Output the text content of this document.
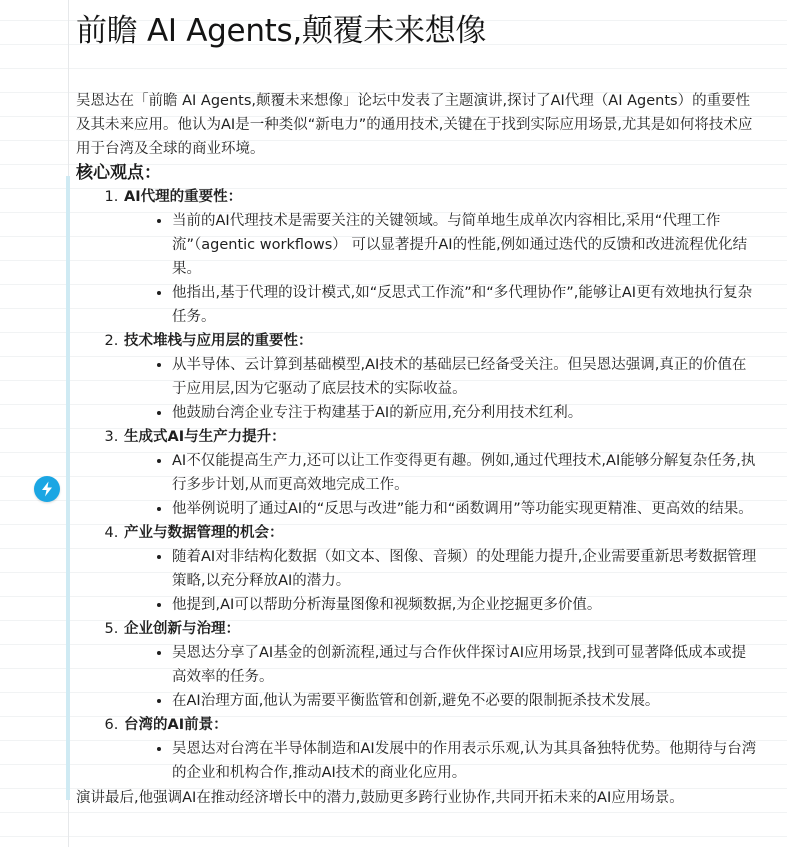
前瞻 AI Agents,颠覆未来想像

吴恩达在「前瞻 AI Agents,颠覆未来想像」论坛中发表了主题演讲,探讨了AI代理（AI Agents）的重要性及其未来应用。他认为AI是一种类似“新电力”的通用技术,关键在于找到实际应用场景,尤其是如何将技术应用于台湾及全球的商业环境。

核心观点：
1. AI代理的重要性：
• 当前的AI代理技术是需要关注的关键领域。与简单地生成单次内容相比,采用“代理工作流”（agentic workflows） 可以显著提升AI的性能,例如通过迭代的反馈和改进流程优化结果。
• 他指出,基于代理的设计模式,如“反思式工作流”和“多代理协作”,能够让AI更有效地执行复杂任务。
2. 技术堆栈与应用层的重要性：
• 从半导体、云计算到基础模型,AI技术的基础层已经备受关注。但吴恩达强调,真正的价值在于应用层,因为它驱动了底层技术的实际收益。
• 他鼓励台湾企业专注于构建基于AI的新应用,充分利用技术红利。
3. 生成式AI与生产力提升：
• AI不仅能提高生产力,还可以让工作变得更有趣。例如,通过代理技术,AI能够分解复杂任务,执行多步计划,从而更高效地完成工作。
• 他举例说明了通过AI的“反思与改进”能力和“函数调用”等功能实现更精准、更高效的结果。
4. 产业与数据管理的机会：
• 随着AI对非结构化数据（如文本、图像、音频）的处理能力提升,企业需要重新思考数据管理策略,以充分释放AI的潜力。
• 他提到,AI可以帮助分析海量图像和视频数据,为企业挖掘更多价值。
5. 企业创新与治理：
• 吴恩达分享了AI基金的创新流程,通过与合作伙伴探讨AI应用场景,找到可显著降低成本或提高效率的任务。
• 在AI治理方面,他认为需要平衡监管和创新,避免不必要的限制扼杀技术发展。
6. 台湾的AI前景：
• 吴恩达对台湾在半导体制造和AI发展中的作用表示乐观,认为其具备独特优势。他期待与台湾的企业和机构合作,推动AI技术的商业化应用。

演讲最后,他强调AI在推动经济增长中的潜力,鼓励更多跨行业协作,共同开拓未来的AI应用场景。
